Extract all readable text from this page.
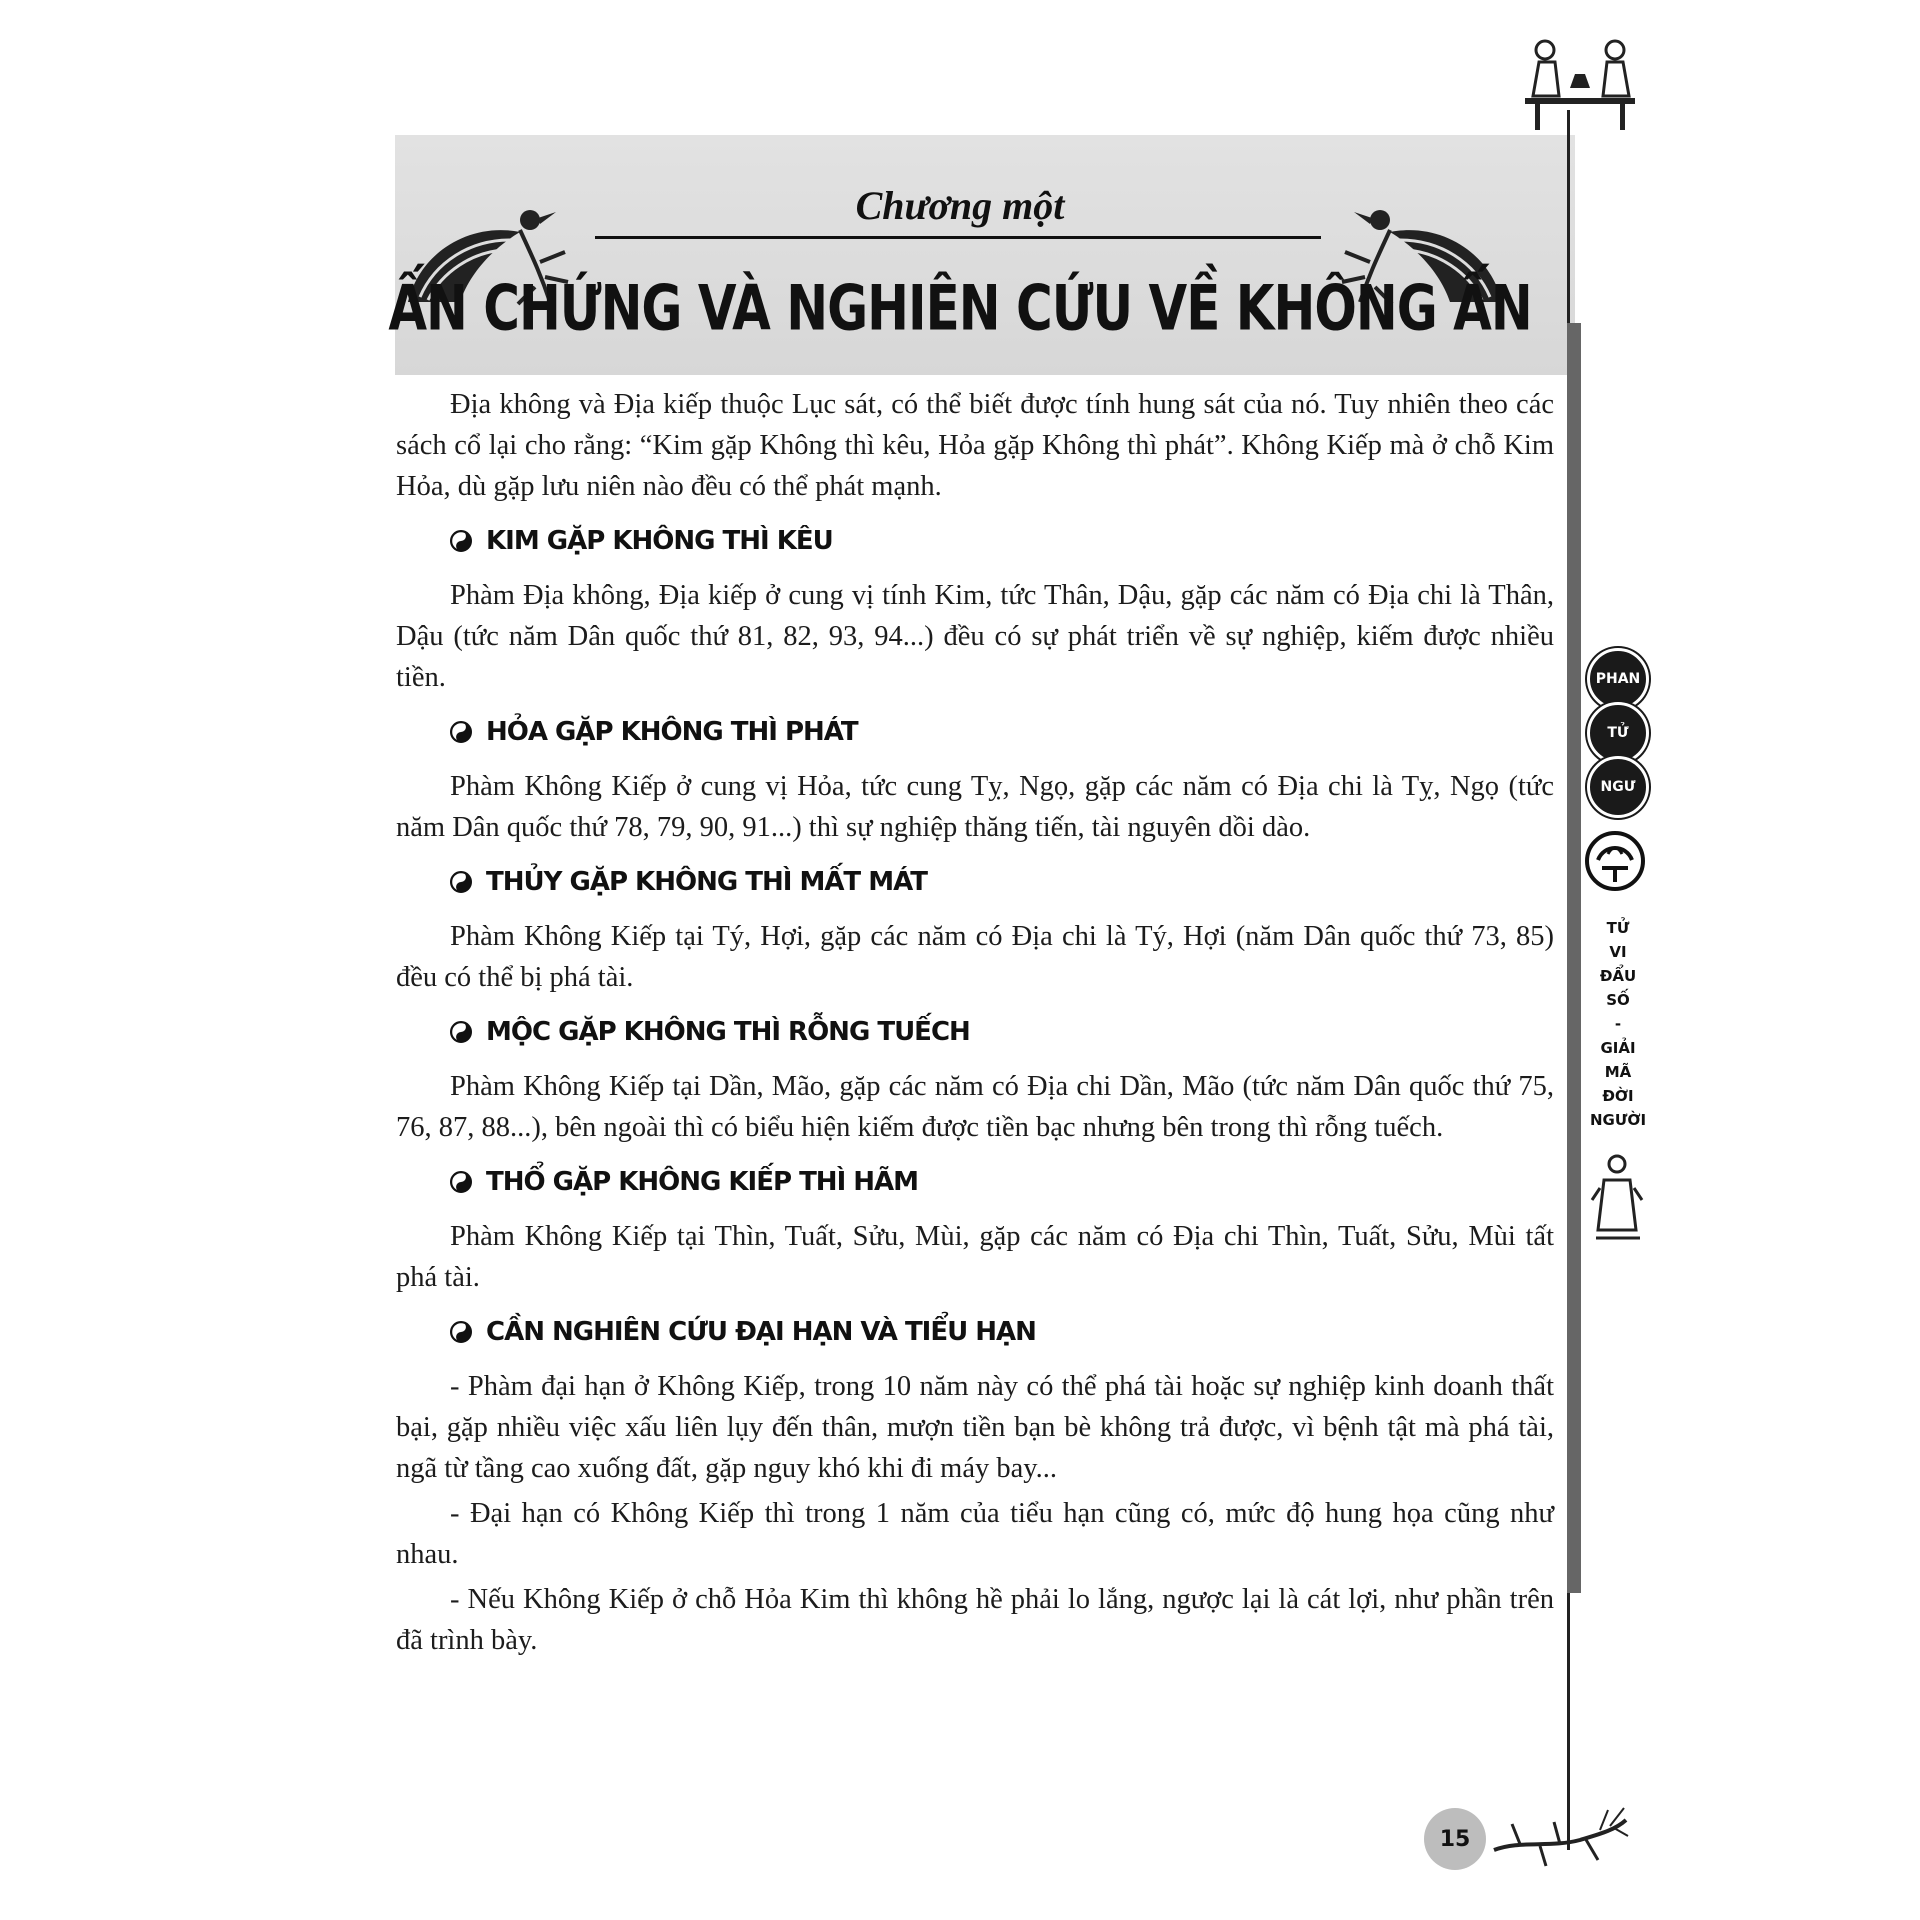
Chương một
ẤN CHỨNG VÀ NGHIÊN CỨU VỀ KHÔNG ẤN

Địa không và Địa kiếp thuộc Lục sát, có thể biết được tính hung sát của nó. Tuy nhiên theo các sách cổ lại cho rằng: “Kim gặp Không thì kêu, Hỏa gặp Không thì phát”. Không Kiếp mà ở chỗ Kim Hỏa, dù gặp lưu niên nào đều có thể phát mạnh.

KIM GẶP KHÔNG THÌ KÊU

Phàm Địa không, Địa kiếp ở cung vị tính Kim, tức Thân, Dậu, gặp các năm có Địa chi là Thân, Dậu (tức năm Dân quốc thứ 81, 82, 93, 94...) đều có sự phát triển về sự nghiệp, kiếm được nhiều tiền.

HỎA GẶP KHÔNG THÌ PHÁT

Phàm Không Kiếp ở cung vị Hỏa, tức cung Tỵ, Ngọ, gặp các năm có Địa chi là Tỵ, Ngọ (tức năm Dân quốc thứ 78, 79, 90, 91...) thì sự nghiệp thăng tiến, tài nguyên dồi dào.

THỦY GẶP KHÔNG THÌ MẤT MÁT

Phàm Không Kiếp tại Tý, Hợi, gặp các năm có Địa chi là Tý, Hợi (năm Dân quốc thứ 73, 85) đều có thể bị phá tài.

MỘC GẶP KHÔNG THÌ RỖNG TUẾCH

Phàm Không Kiếp tại Dần, Mão, gặp các năm có Địa chi Dần, Mão (tức năm Dân quốc thứ 75, 76, 87, 88...), bên ngoài thì có biểu hiện kiếm được tiền bạc nhưng bên trong thì rỗng tuếch.

THỔ GẶP KHÔNG KIẾP THÌ HÃM

Phàm Không Kiếp tại Thìn, Tuất, Sửu, Mùi, gặp các năm có Địa chi Thìn, Tuất, Sửu, Mùi tất phá tài.

CẦN NGHIÊN CỨU ĐẠI HẠN VÀ TIỂU HẠN

- Phàm đại hạn ở Không Kiếp, trong 10 năm này có thể phá tài hoặc sự nghiệp kinh doanh thất bại, gặp nhiều việc xấu liên lụy đến thân, mượn tiền bạn bè không trả được, vì bệnh tật mà phá tài, ngã từ tầng cao xuống đất, gặp nguy khó khi đi máy bay...

- Đại hạn có Không Kiếp thì trong 1 năm của tiểu hạn cũng có, mức độ hung họa cũng như nhau.

- Nếu Không Kiếp ở chỗ Hỏa Kim thì không hề phải lo lắng, ngược lại là cát lợi, như phần trên đã trình bày.

PHAN
TỬ
NGƯ
TỬ
VI
ĐẨU
SỐ
-
GIẢI
MÃ
ĐỜI
NGƯỜI
15
